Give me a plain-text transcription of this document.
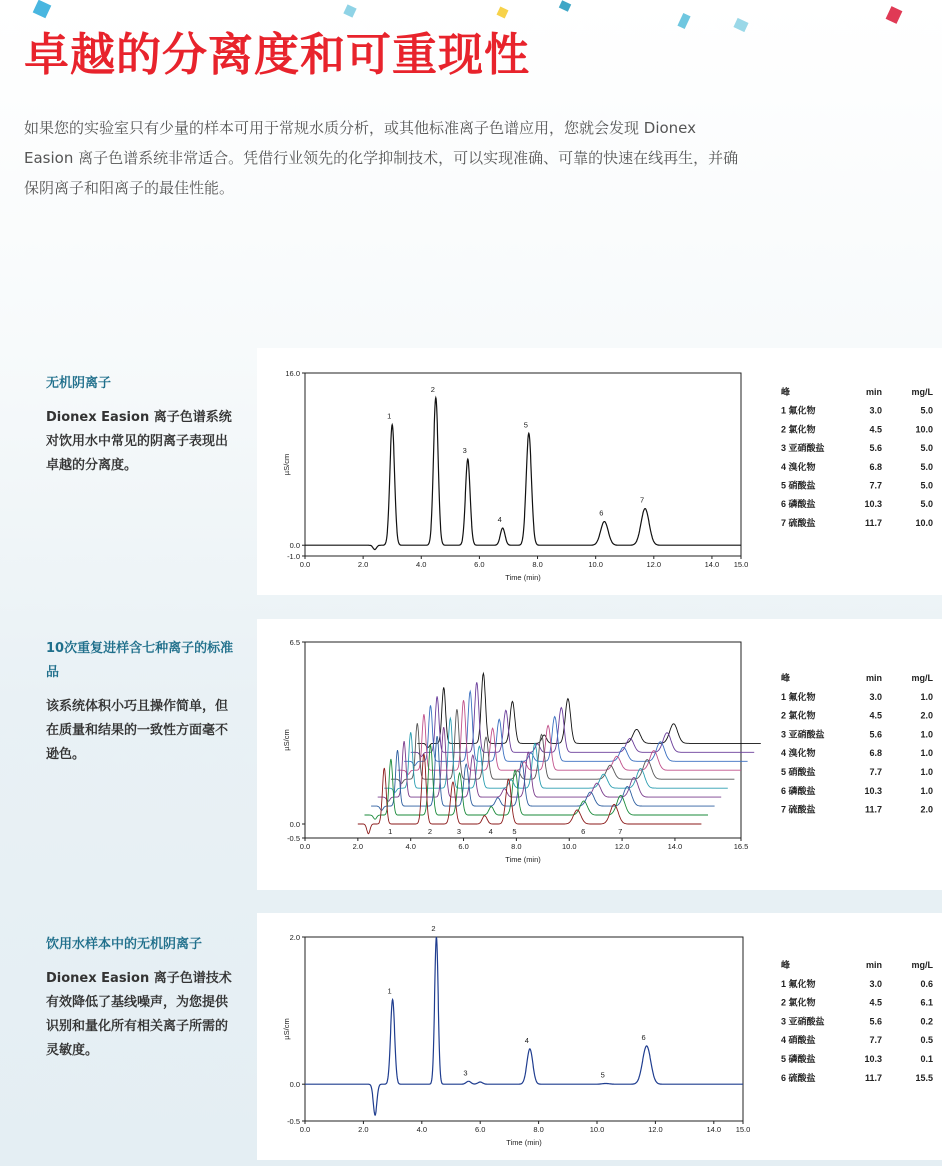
卓越的分离度和可重现性

如果您的实验室只有少量的样本可用于常规水质分析，或其他标准离子色谱应用，您就会发现 Dionex Easion 离子色谱系统非常适合。凭借行业领先的化学抑制技术，可以实现准确、可靠的快速在线再生，并确保阴离子和阳离子的最佳性能。

无机阴离子

Dionex Easion 离子色谱系统对饮用水中常见的阴离子表现出卓越的分离度。

0.0	2.0	4.0	6.0	8.0	10.0	12.0	14.0 15.0
16.0
0.0
-1.0
Time (min)
µS/cm
1
2
3
4
5
6
7
峰	min	mg/L
1 氟化物	3.0	5.0
2 氯化物	4.5	10.0
3 亚硝酸盐	5.6	5.0
4 溴化物	6.8	5.0
5 硝酸盐	7.7	5.0
6 磷酸盐	10.3	5.0
7 硫酸盐	11.7	10.0
10次重复进样含七种离子的标准品

该系统体积小巧且操作简单，但在质量和结果的一致性方面毫不逊色。

0.0	2.0	4.0	6.0	8.0	10.0	12.0	14.0	16.5
6.5
0.0
-0.5
Time (min)
µS/cm
1	2	3	4	5	6	7
峰	min	mg/L
1 氟化物	3.0	1.0
2 氯化物	4.5	2.0
3 亚硝酸盐	5.6	1.0
4 溴化物	6.8	1.0
5 硝酸盐	7.7	1.0
6 磷酸盐	10.3	1.0
7 硫酸盐	11.7	2.0
饮用水样本中的无机阴离子

Dionex Easion 离子色谱技术有效降低了基线噪声，为您提供识别和量化所有相关离子所需的灵敏度。

0.0	2.0	4.0	6.0	8.0	10.0	12.0	14.0 15.0
2.0
0.0
-0.5
Time (min)
µS/cm
1
2
3
4
5
6
峰	min	mg/L
1 氟化物	3.0	0.6
2 氯化物	4.5	6.1
3 亚硝酸盐	5.6	0.2
4 硝酸盐	7.7	0.5
5 磷酸盐	10.3	0.1
6 硫酸盐	11.7	15.5
